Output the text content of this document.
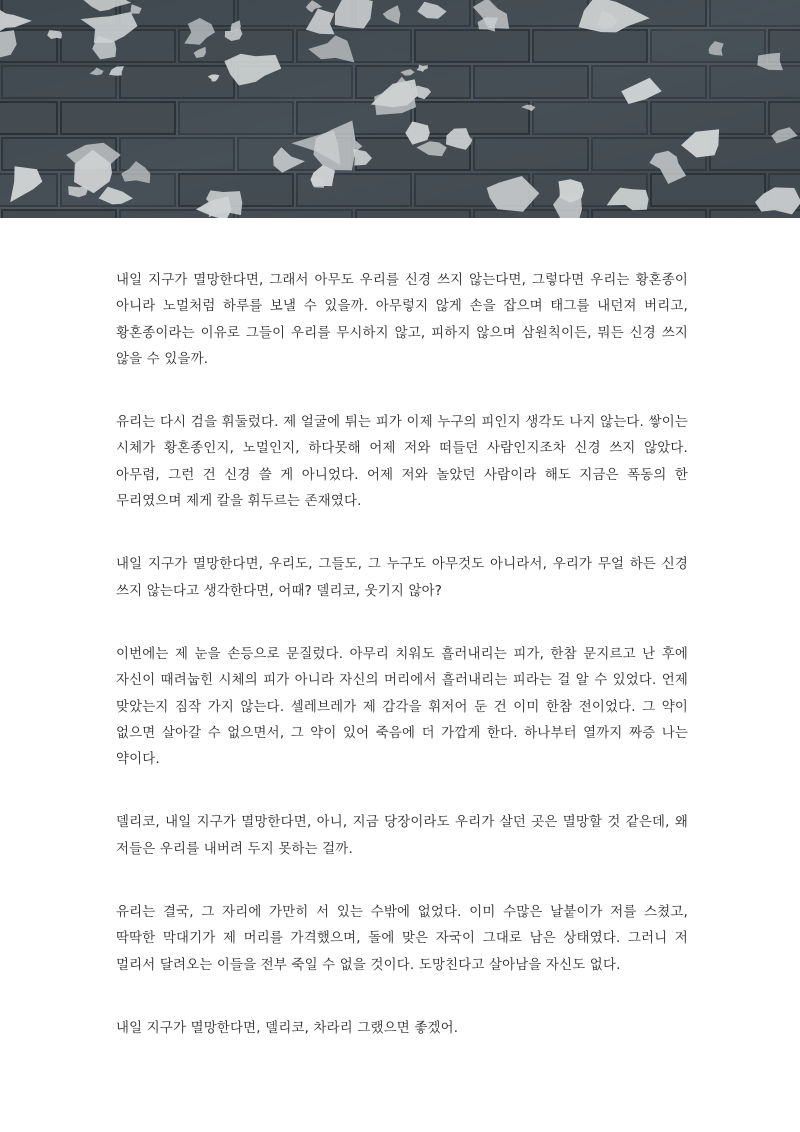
내일 지구가 멸망한다면, 그래서 아무도 우리를 신경 쓰지 않는다면, 그렇다면 우리는 황혼종이 아니라 노멀처럼 하루를 보낼 수 있을까. 아무렇지 않게 손을 잡으며 태그를 내던져 버리고, 황혼종이라는 이유로 그들이 우리를 무시하지 않고, 피하지 않으며 삼원칙이든, 뭐든 신경 쓰지 않을 수 있을까.

유리는 다시 검을 휘둘렀다. 제 얼굴에 튀는 피가 이제 누구의 피인지 생각도 나지 않는다. 쌓이는 시체가 황혼종인지, 노멀인지, 하다못해 어제 저와 떠들던 사람인지조차 신경 쓰지 않았다. 아무렴, 그런 건 신경 쓸 게 아니었다. 어제 저와 놀았던 사람이라 해도 지금은 폭동의 한 무리였으며 제게 칼을 휘두르는 존재였다.

내일 지구가 멸망한다면, 우리도, 그들도, 그 누구도 아무것도 아니라서, 우리가 무얼 하든 신경 쓰지 않는다고 생각한다면, 어때? 델리코, 웃기지 않아?

이번에는 제 눈을 손등으로 문질렀다. 아무리 치워도 흘러내리는 피가, 한참 문지르고 난 후에 자신이 때려눕힌 시체의 피가 아니라 자신의 머리에서 흘러내리는 피라는 걸 알 수 있었다. 언제 맞았는지 짐작 가지 않는다. 셀레브레가 제 감각을 휘저어 둔 건 이미 한참 전이었다. 그 약이 없으면 살아갈 수 없으면서, 그 약이 있어 죽음에 더 가깝게 한다. 하나부터 열까지 짜증 나는 약이다.

델리코, 내일 지구가 멸망한다면, 아니, 지금 당장이라도 우리가 살던 곳은 멸망할 것 같은데, 왜 저들은 우리를 내버려 두지 못하는 걸까.

유리는 결국, 그 자리에 가만히 서 있는 수밖에 없었다. 이미 수많은 날붙이가 저를 스쳤고, 딱딱한 막대기가 제 머리를 가격했으며, 돌에 맞은 자국이 그대로 남은 상태였다. 그러니 저 멀리서 달려오는 이들을 전부 죽일 수 없을 것이다. 도망친다고 살아남을 자신도 없다.

내일 지구가 멸망한다면, 델리코, 차라리 그랬으면 좋겠어.
